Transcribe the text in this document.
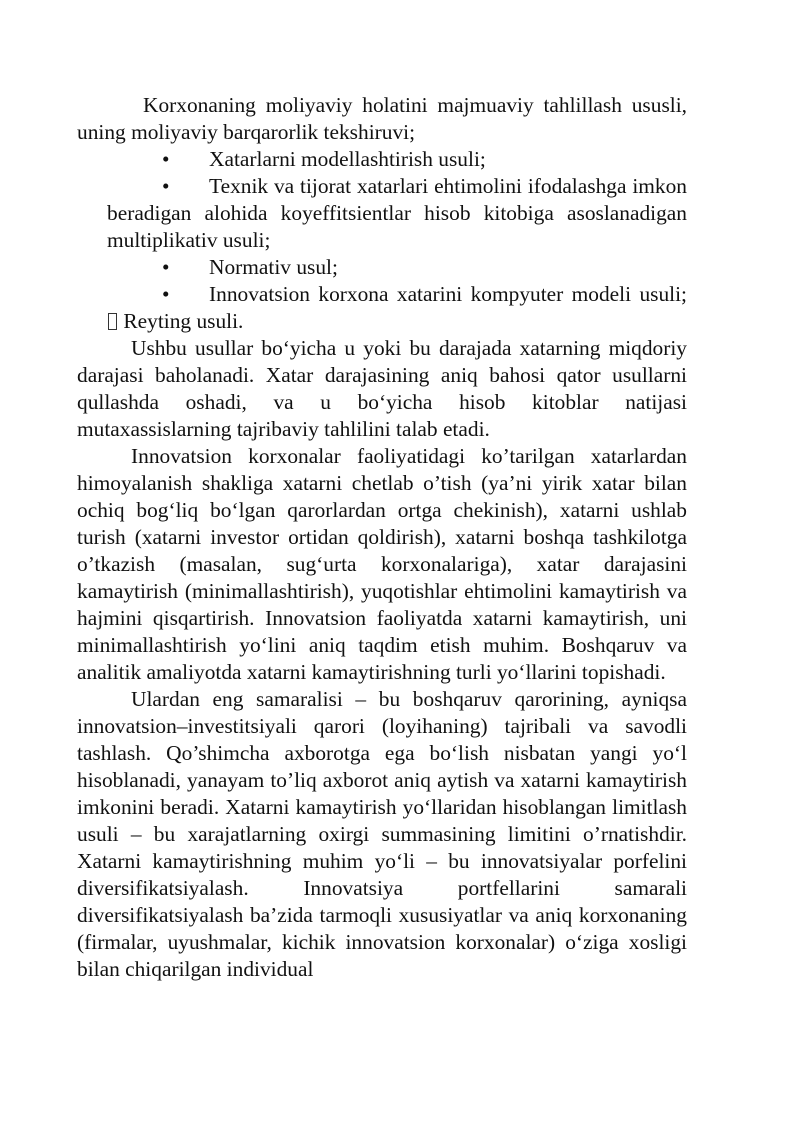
Korxonaning moliyaviy holatini majmuaviy tahlillash ususli, uning moliyaviy barqarorlik tekshiruvi;

• Xatarlarni modellashtirish usuli;

• Texnik va tijorat xatarlari ehtimolini ifodalashga imkon beradigan alohida koyeffitsientlar hisob kitobiga asoslanadigan multiplikativ usuli;

• Normativ usul;

• Innovatsion korxona xatarini kompyuter modeli usuli;  Reyting usuli.

Ushbu usullar bo‘yicha u yoki bu darajada xatarning miqdoriy darajasi baholanadi. Xatar darajasining aniq bahosi qator usullarni qullashda oshadi, va u bo‘yicha hisob kitoblar natijasi mutaxassislarning tajribaviy tahlilini talab etadi.

Innovatsion korxonalar faoliyatidagi ko’tarilgan xatarlardan himoyalanish shakliga xatarni chetlab o’tish (ya’ni yirik xatar bilan ochiq bog‘liq bo‘lgan qarorlardan ortga chekinish), xatarni ushlab turish (xatarni investor ortidan qoldirish), xatarni boshqa tashkilotga o’tkazish (masalan, sug‘urta korxonalariga), xatar darajasini kamaytirish (minimallashtirish), yuqotishlar ehtimolini kamaytirish va hajmini qisqartirish. Innovatsion faoliyatda xatarni kamaytirish, uni minimallashtirish yo‘lini aniq taqdim etish muhim. Boshqaruv va analitik amaliyotda xatarni kamaytirishning turli yo‘llarini topishadi.

Ulardan eng samaralisi – bu boshqaruv qarorining, ayniqsa innovatsion–investitsiyali qarori (loyihaning) tajribali va savodli tashlash. Qo’shimcha axborotga ega bo‘lish nisbatan yangi yo‘l hisoblanadi, yanayam to’liq axborot aniq aytish va xatarni kamaytirish imkonini beradi. Xatarni kamaytirish yo‘llaridan hisoblangan limitlash usuli – bu xarajatlarning oxirgi summasining limitini o’rnatishdir. Xatarni kamaytirishning muhim yo‘li – bu innovatsiyalar porfelini diversifikatsiyalash. Innovatsiya portfellarini samarali diversifikatsiyalash ba’zida tarmoqli xususiyatlar va aniq korxonaning (firmalar, uyushmalar, kichik innovatsion korxonalar) o‘ziga xosligi bilan chiqarilgan individual
